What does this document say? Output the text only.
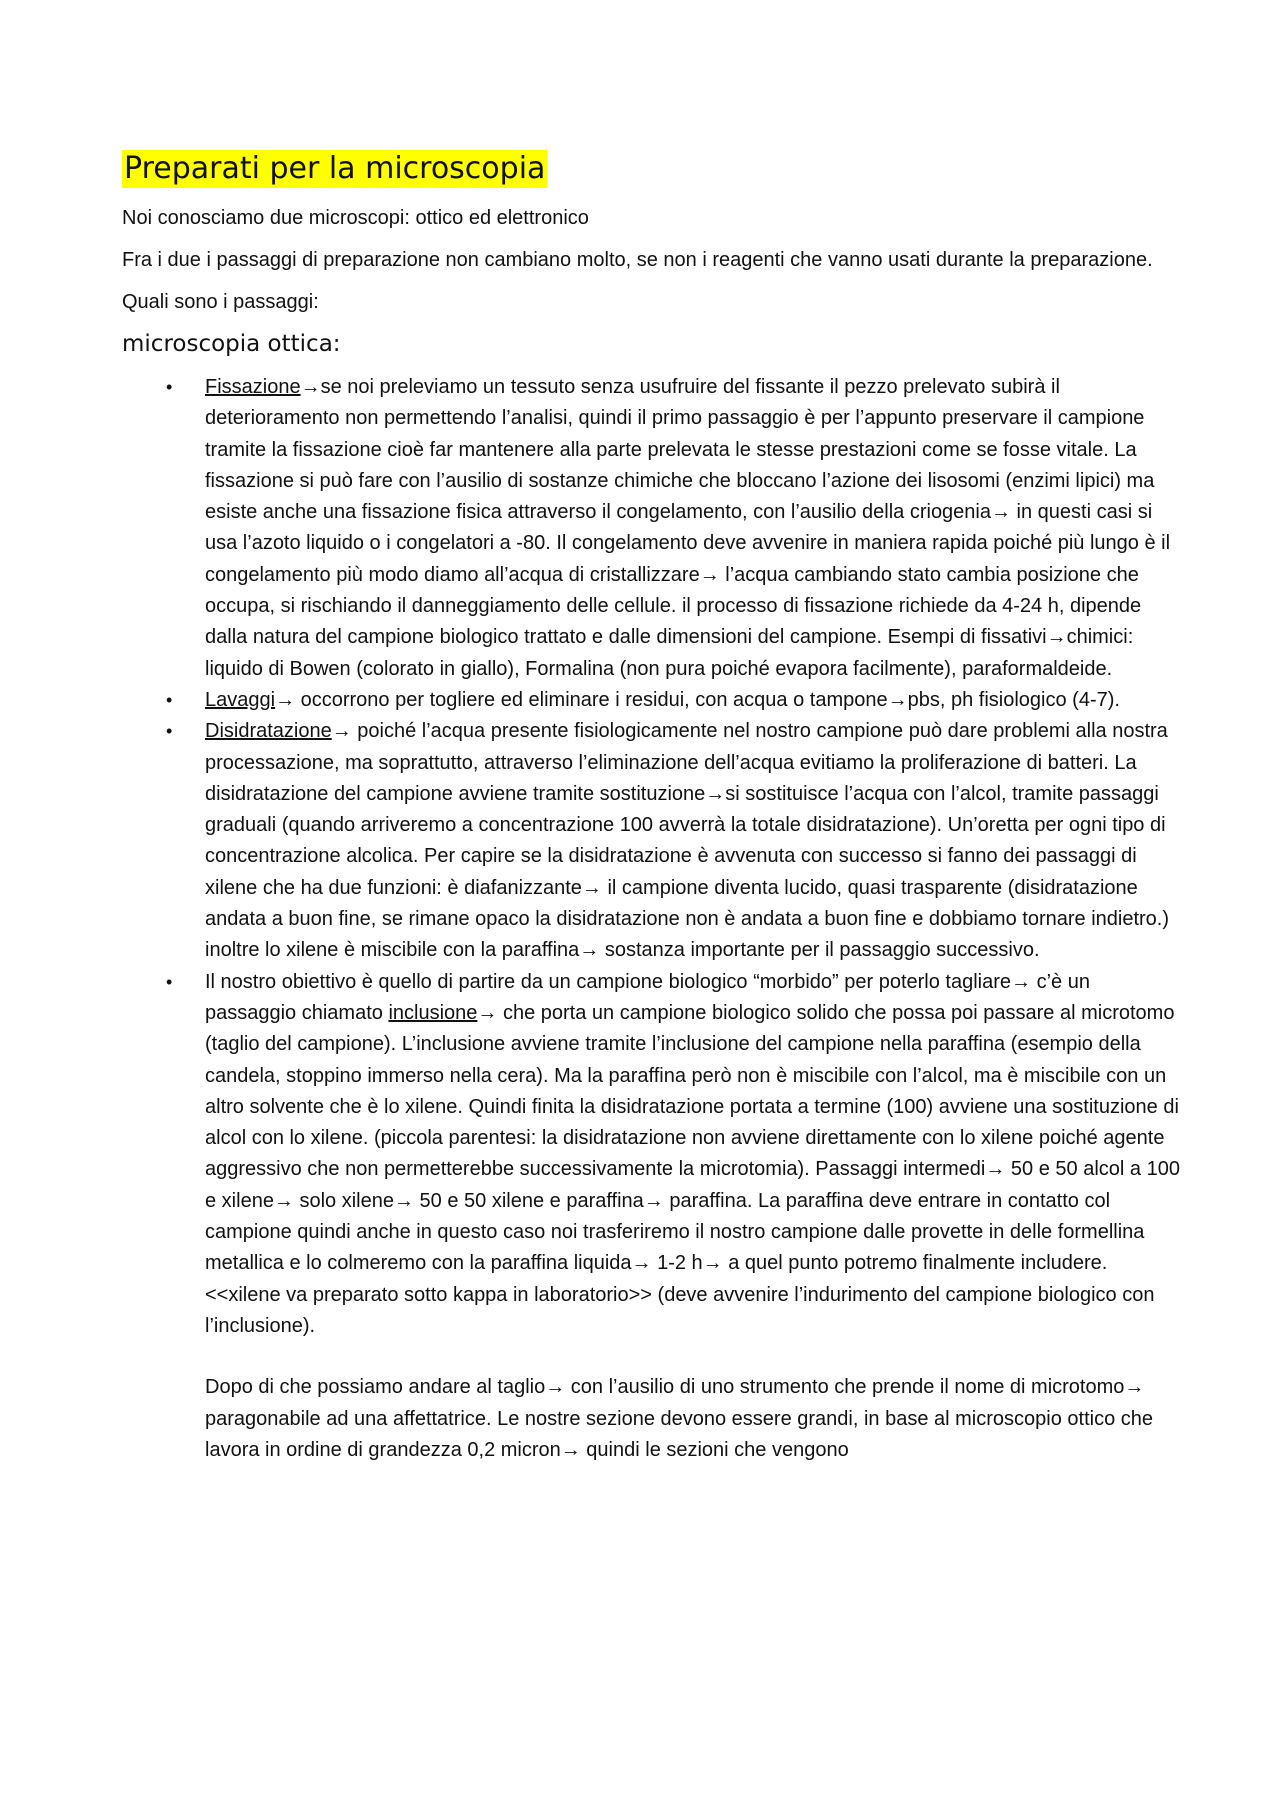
Preparati per la microscopia

Noi conosciamo due microscopi: ottico ed elettronico

Fra i due i passaggi di preparazione non cambiano molto, se non i reagenti che vanno usati durante la preparazione.

Quali sono i passaggi:

microscopia ottica:
• Fissazione→se noi preleviamo un tessuto senza usufruire del fissante il pezzo prelevato subirà il deterioramento non permettendo l’analisi, quindi il primo passaggio è per l’appunto preservare il campione tramite la fissazione cioè far mantenere alla parte prelevata le stesse prestazioni come se fosse vitale. La fissazione si può fare con l’ausilio di sostanze chimiche che bloccano l’azione dei lisosomi (enzimi lipici) ma esiste anche una fissazione fisica attraverso il congelamento, con l’ausilio della criogenia→ in questi casi si usa l’azoto liquido o i congelatori a -80. Il congelamento deve avvenire in maniera rapida poiché più lungo è il congelamento più modo diamo all’acqua di cristallizzare→ l’acqua cambiando stato cambia posizione che occupa, si rischiando il danneggiamento delle cellule. il processo di fissazione richiede da 4-24 h, dipende dalla natura del campione biologico trattato e dalle dimensioni del campione. Esempi di fissativi→chimici: liquido di Bowen (colorato in giallo), Formalina (non pura poiché evapora facilmente), paraformaldeide.
• Lavaggi→ occorrono per togliere ed eliminare i residui, con acqua o tampone→pbs, ph fisiologico (4-7).
• Disidratazione→ poiché l’acqua presente fisiologicamente nel nostro campione può dare problemi alla nostra processazione, ma soprattutto, attraverso l’eliminazione dell’acqua evitiamo la proliferazione di batteri. La disidratazione del campione avviene tramite sostituzione→si sostituisce l’acqua con l’alcol, tramite passaggi graduali (quando arriveremo a concentrazione 100 avverrà la totale disidratazione). Un’oretta per ogni tipo di concentrazione alcolica. Per capire se la disidratazione è avvenuta con successo si fanno dei passaggi di xilene che ha due funzioni: è diafanizzante→ il campione diventa lucido, quasi trasparente (disidratazione andata a buon fine, se rimane opaco la disidratazione non è andata a buon fine e dobbiamo tornare indietro.) inoltre lo xilene è miscibile con la paraffina→ sostanza importante per il passaggio successivo.
• Il nostro obiettivo è quello di partire da un campione biologico “morbido” per poterlo tagliare→ c’è un passaggio chiamato inclusione→ che porta un campione biologico solido che possa poi passare al microtomo (taglio del campione). L’inclusione avviene tramite l’inclusione del campione nella paraffina (esempio della candela, stoppino immerso nella cera). Ma la paraffina però non è miscibile con l’alcol, ma è miscibile con un altro solvente che è lo xilene. Quindi finita la disidratazione portata a termine (100) avviene una sostituzione di alcol con lo xilene. (piccola parentesi: la disidratazione non avviene direttamente con lo xilene poiché agente aggressivo che non permetterebbe successivamente la microtomia). Passaggi intermedi→ 50 e 50 alcol a 100 e xilene→ solo xilene→ 50 e 50 xilene e paraffina→ paraffina. La paraffina deve entrare in contatto col campione quindi anche in questo caso noi trasferiremo il nostro campione dalle provette in delle formellina metallica e lo colmeremo con la paraffina liquida→ 1-2 h→ a quel punto potremo finalmente includere. <<xilene va preparato sotto kappa in laboratorio>> (deve avvenire l’indurimento del campione biologico con l’inclusione).

Dopo di che possiamo andare al taglio→ con l’ausilio di uno strumento che prende il nome di microtomo→ paragonabile ad una affettatrice. Le nostre sezione devono essere grandi, in base al microscopio ottico che lavora in ordine di grandezza 0,2 micron→ quindi le sezioni che vengono
